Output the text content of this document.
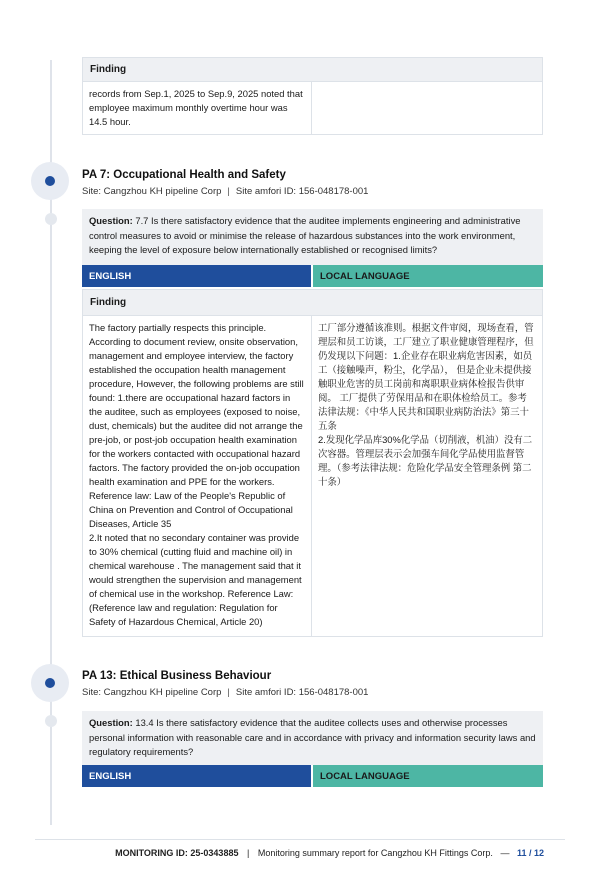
Finding
records from Sep.1, 2025 to Sep.9, 2025 noted that employee maximum monthly overtime hour was 14.5 hour.
PA 7: Occupational Health and Safety
Site: Cangzhou KH pipeline Corp | Site amfori ID: 156-048178-001
Question: 7.7 Is there satisfactory evidence that the auditee implements engineering and administrative control measures to avoid or minimise the release of hazardous substances into the work environment, keeping the level of exposure below internationally established or recognised limits?
ENGLISH	LOCAL LANGUAGE
Finding
The factory partially respects this principle. According to document review, onsite observation, management and employee interview, the factory established the occupation health management procedure, However, the following problems are still found: 1.there are occupational hazard factors in the auditee, such as employees (exposed to noise, dust, chemicals) but the auditee did not arrange the pre-job, or post-job occupation health examination for the workers contacted with occupational hazard factors. The factory provided the on-job occupation health examination and PPE for the workers. Reference law: Law of the People's Republic of China on Prevention and Control of Occupational Diseases, Article 35
2.It noted that no secondary container was provide to 30% chemical (cutting fluid and machine oil) in chemical warehouse . The management said that it would strengthen the supervision and management of chemical use in the workshop. Reference Law: (Reference law and regulation: Regulation for Safety of Hazardous Chemical, Article 20)
工厂部分遵循该准则。根据文件审阅，现场查看，管理层和员工访谈，工厂建立了职业健康管理程序，但仍发现以下问题：1.企业存在职业病危害因素，如员工（接触噪声，粉尘，化学品）， 但是企业未提供接触职业危害的员工岗前和离职职业病体检报告供审阅。 工厂提供了劳保用品和在职体检给员工。参考法律法规：《中华人民共和国职业病防治法》第三十五条
2.发现化学品库30%化学品（切削液，机油）没有二次容器。管理层表示会加强车间化学品使用监督管理。（参考法律法规：危险化学品安全管理条例 第二十条）
PA 13: Ethical Business Behaviour
Site: Cangzhou KH pipeline Corp | Site amfori ID: 156-048178-001
Question: 13.4 Is there satisfactory evidence that the auditee collects uses and otherwise processes personal information with reasonable care and in accordance with privacy and information security laws and regulatory requirements?
ENGLISH	LOCAL LANGUAGE
MONITORING ID: 25-0343885 | Monitoring summary report for Cangzhou KH Fittings Corp. — 11 / 12
